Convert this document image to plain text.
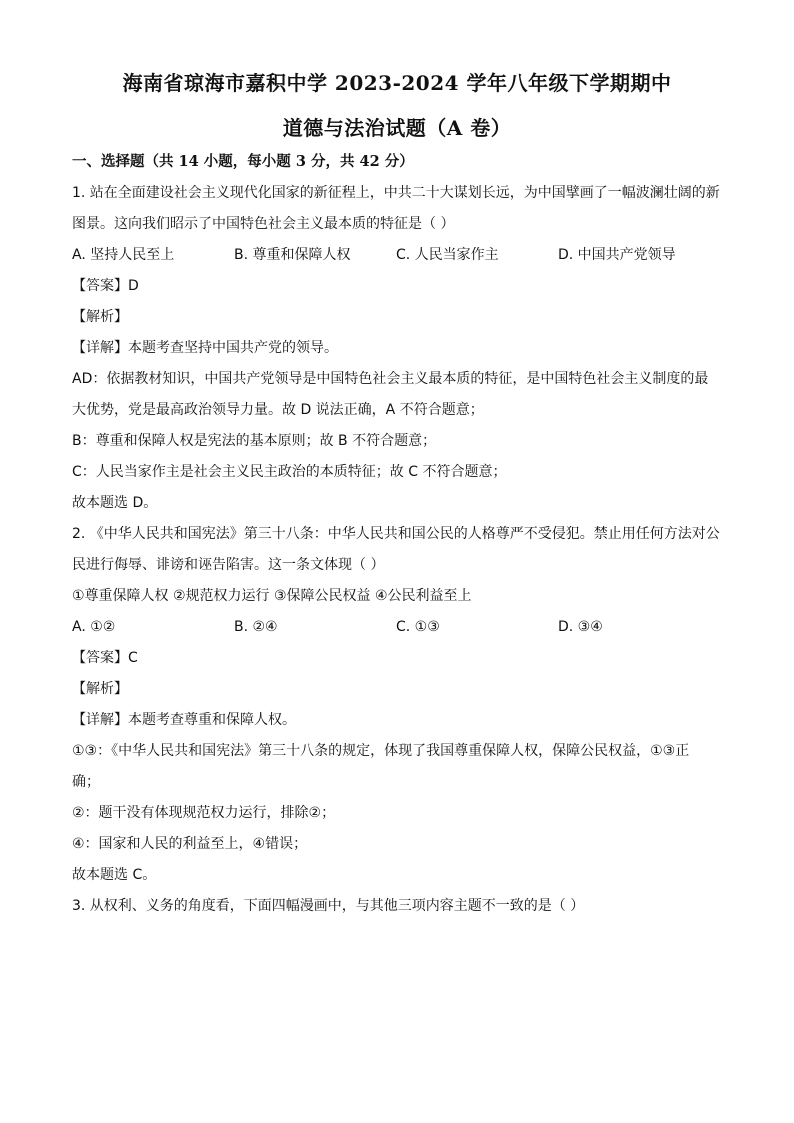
海南省琼海市嘉积中学 2023-2024 学年八年级下学期期中
道德与法治试题（A 卷）
一、选择题（共 14 小题，每小题 3 分，共 42 分）
1. 站在全面建设社会主义现代化国家的新征程上，中共二十大谋划长远，为中国擘画了一幅波澜壮阔的新
图景。这向我们昭示了中国特色社会主义最本质的特征是（ ）
A. 坚持人民至上	B. 尊重和保障人权	C. 人民当家作主	D. 中国共产党领导
【答案】D
【解析】
【详解】本题考查坚持中国共产党的领导。
AD：依据教材知识，中国共产党领导是中国特色社会主义最本质的特征，是中国特色社会主义制度的最
大优势，党是最高政治领导力量。故 D 说法正确，A 不符合题意；
B：尊重和保障人权是宪法的基本原则；故 B 不符合题意；
C：人民当家作主是社会主义民主政治的本质特征；故 C 不符合题意；
故本题选 D。
2. 《中华人民共和国宪法》第三十八条：中华人民共和国公民的人格尊严不受侵犯。禁止用任何方法对公
民进行侮辱、诽谤和诬告陷害。这一条文体现（ ）
①尊重保障人权 ②规范权力运行 ③保障公民权益 ④公民利益至上
A. ①②	B. ②④	C. ①③	D. ③④
【答案】C
【解析】
【详解】本题考查尊重和保障人权。
①③：《中华人民共和国宪法》第三十八条的规定，体现了我国尊重保障人权，保障公民权益，①③正
确；
②：题干没有体现规范权力运行，排除②；
④：国家和人民的利益至上，④错误；
故本题选 C。
3. 从权利、义务的角度看，下面四幅漫画中，与其他三项内容主题不一致的是（ ）
